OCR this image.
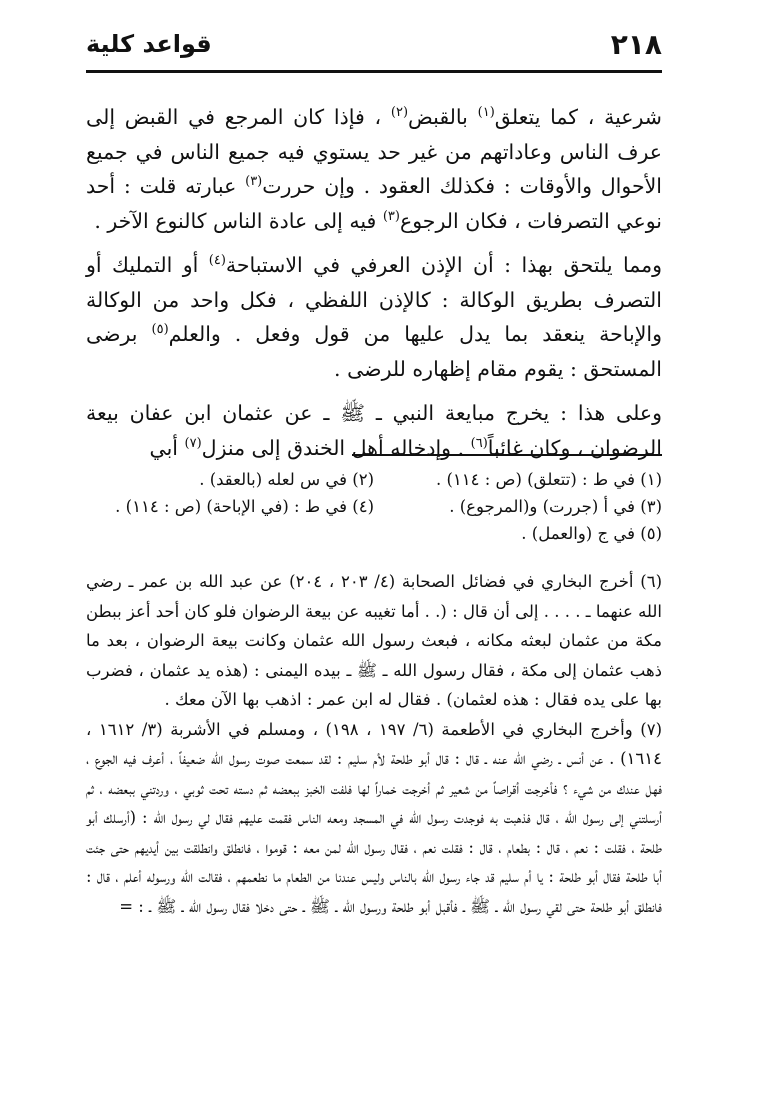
٢١٨
قواعد كلية

شرعية ، كما يتعلق$^{(١)}$ بالقبض$^{(٢)}$ ، فإذا كان المرجع في القبض إلى عرف الناس وعاداتهم من غير حد يستوي فيه جميع الناس في جميع الأحوال والأوقات : فكذلك العقود . وإن حررت$^{(٣)}$ عبارته قلت : أحد نوعي التصرفات ، فكان الرجوع$^{(٣)}$ فيه إلى عادة الناس كالنوع الآخر .

ومما يلتحق بهذا : أن الإذن العرفي في الاستباحة$^{(٤)}$ أو التمليك أو التصرف بطريق الوكالة : كالإذن اللفظي ، فكل واحد من الوكالة والإباحة ينعقد بما يدل عليها من قول وفعل . والعلم$^{(٥)}$ برضى المستحق : يقوم مقام إظهاره للرضى .

وعلى هذا : يخرج مبايعة النبي ـ ﷺ ـ عن عثمان ابن عفان بيعة الرضوان ، وكان غائباً$^{(٦)}$ . وإدخاله أهل الخندق إلى منزل$^{(٧)}$ أبي

(١) في ط : (تتعلق) (ص : ١١٤) .
(٢) في س لعله (بالعقد) .
(٣) في أ (جررت) و(المرجوع) .
(٤) في ط : (في الإباحة) (ص : ١١٤) .
(٥) في ج (والعمل) .

(٦) أخرج البخاري في فضائل الصحابة (٤/ ٢٠٣ ، ٢٠٤) عن عبد الله بن عمر ـ رضي الله عنهما ـ . . . . إلى أن قال : (. . أما تغيبه عن بيعة الرضوان فلو كان أحد أعز ببطن مكة من عثمان لبعثه مكانه ، فبعث رسول الله عثمان وكانت بيعة الرضوان ، بعد ما ذهب عثمان إلى مكة ، فقال رسول الله ـ ﷺ ـ بيده اليمنى : (هذه يد عثمان ، فضرب بها على يده فقال : هذه لعثمان) . فقال له ابن عمر : اذهب بها الآن معك .

(٧) وأخرج البخاري في الأطعمة (٦/ ١٩٧ ، ١٩٨) ، ومسلم في الأشربة (٣/ ١٦١٢ ، ١٦١٤) . عن أنس ـ رضي الله عنه ـ قال : قال أبو طلحة لأم سليم : لقد سمعت صوت رسول الله ضعيفاً ، أعرف فيه الجوع ، فهل عندك من شيء ؟ فأخرجت أقراصاً من شعير ثم أخرجت خماراً لها فلفت الخبز ببعضه ثم دسته تحت ثوبي ، وردتني ببعضه ، ثم أرسلتني إلى رسول الله ، قال فذهبت به فوجدت رسول الله في المسجد ومعه الناس فقمت عليهم فقال لي رسول الله : (أرسلك أبو طلحة ، فقلت : نعم ، قال : بطعام ، قال : فقلت نعم ، فقال رسول الله لمن معه : قوموا ، فانطلق وانطلقت بين أيديهم حتى جئت أبا طلحة فقال أبو طلحة : يا أم سليم قد جاء رسول الله بالناس وليس عندنا من الطعام ما نطعمهم ، فقالت الله ورسوله أعلم ، قال : فانطلق أبو طلحة حتى لقي رسول الله ـ ﷺ ـ فأقبل أبو طلحة ورسول الله ـ ﷺ ـ حتى دخلا فقال رسول الله ـ ﷺ ـ : =
